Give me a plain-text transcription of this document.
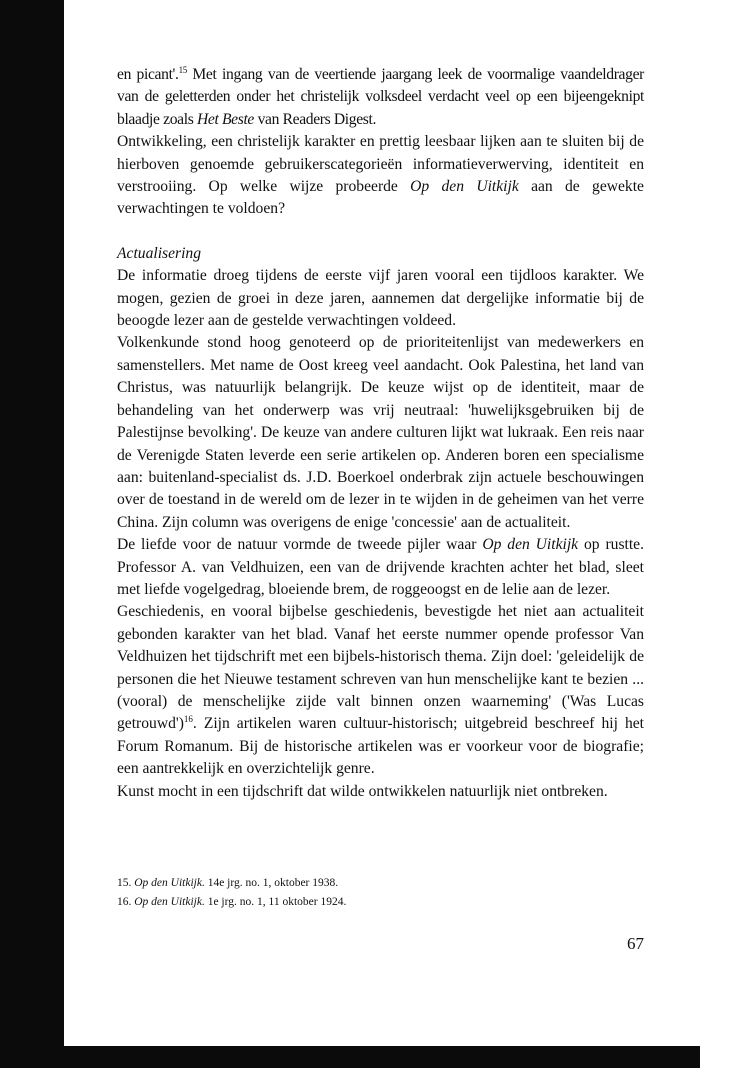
en picant'.$^{15}$ Met ingang van de veertiende jaargang leek de voormalige vaandeldrager van de geletterden onder het christelijk volksdeel verdacht veel op een bijeengeknipt blaadje zoals Het Beste van Readers Digest.

Ontwikkeling, een christelijk karakter en prettig leesbaar lijken aan te sluiten bij de hierboven genoemde gebruikerscategorieën informatieverwerving, identiteit en verstrooiing. Op welke wijze probeerde Op den Uitkijk aan de gewekte verwachtingen te voldoen?

Actualisering

De informatie droeg tijdens de eerste vijf jaren vooral een tijdloos karakter. We mogen, gezien de groei in deze jaren, aannemen dat dergelijke informatie bij de beoogde lezer aan de gestelde verwachtingen voldeed.

Volkenkunde stond hoog genoteerd op de prioriteitenlijst van medewerkers en samenstellers. Met name de Oost kreeg veel aandacht. Ook Palestina, het land van Christus, was natuurlijk belangrijk. De keuze wijst op de identiteit, maar de behandeling van het onderwerp was vrij neutraal: 'huwelijksgebruiken bij de Palestijnse bevolking'. De keuze van andere culturen lijkt wat lukraak. Een reis naar de Verenigde Staten leverde een serie artikelen op. Anderen boren een specialisme aan: buitenland-specialist ds. J.D. Boerkoel onderbrak zijn actuele beschouwingen over de toestand in de wereld om de lezer in te wijden in de geheimen van het verre China. Zijn column was overigens de enige 'concessie' aan de actualiteit.

De liefde voor de natuur vormde de tweede pijler waar Op den Uitkijk op rustte. Professor A. van Veldhuizen, een van de drijvende krachten achter het blad, sleet met liefde vogelgedrag, bloeiende brem, de roggeoogst en de lelie aan de lezer.

Geschiedenis, en vooral bijbelse geschiedenis, bevestigde het niet aan actualiteit gebonden karakter van het blad. Vanaf het eerste nummer opende professor Van Veldhuizen het tijdschrift met een bijbels-historisch thema. Zijn doel: 'geleidelijk de personen die het Nieuwe testament schreven van hun menschelijke kant te bezien ... (vooral) de menschelijke zijde valt binnen onzen waarneming' ('Was Lucas getrouwd')$^{16}$. Zijn artikelen waren cultuur-historisch; uitgebreid beschreef hij het Forum Romanum. Bij de historische artikelen was er voorkeur voor de biografie; een aantrekkelijk en overzichtelijk genre.

Kunst mocht in een tijdschrift dat wilde ontwikkelen natuurlijk niet ontbreken.

15. Op den Uitkijk. 14e jrg. no. 1, oktober 1938.

16. Op den Uitkijk. 1e jrg. no. 1, 11 oktober 1924.

67
